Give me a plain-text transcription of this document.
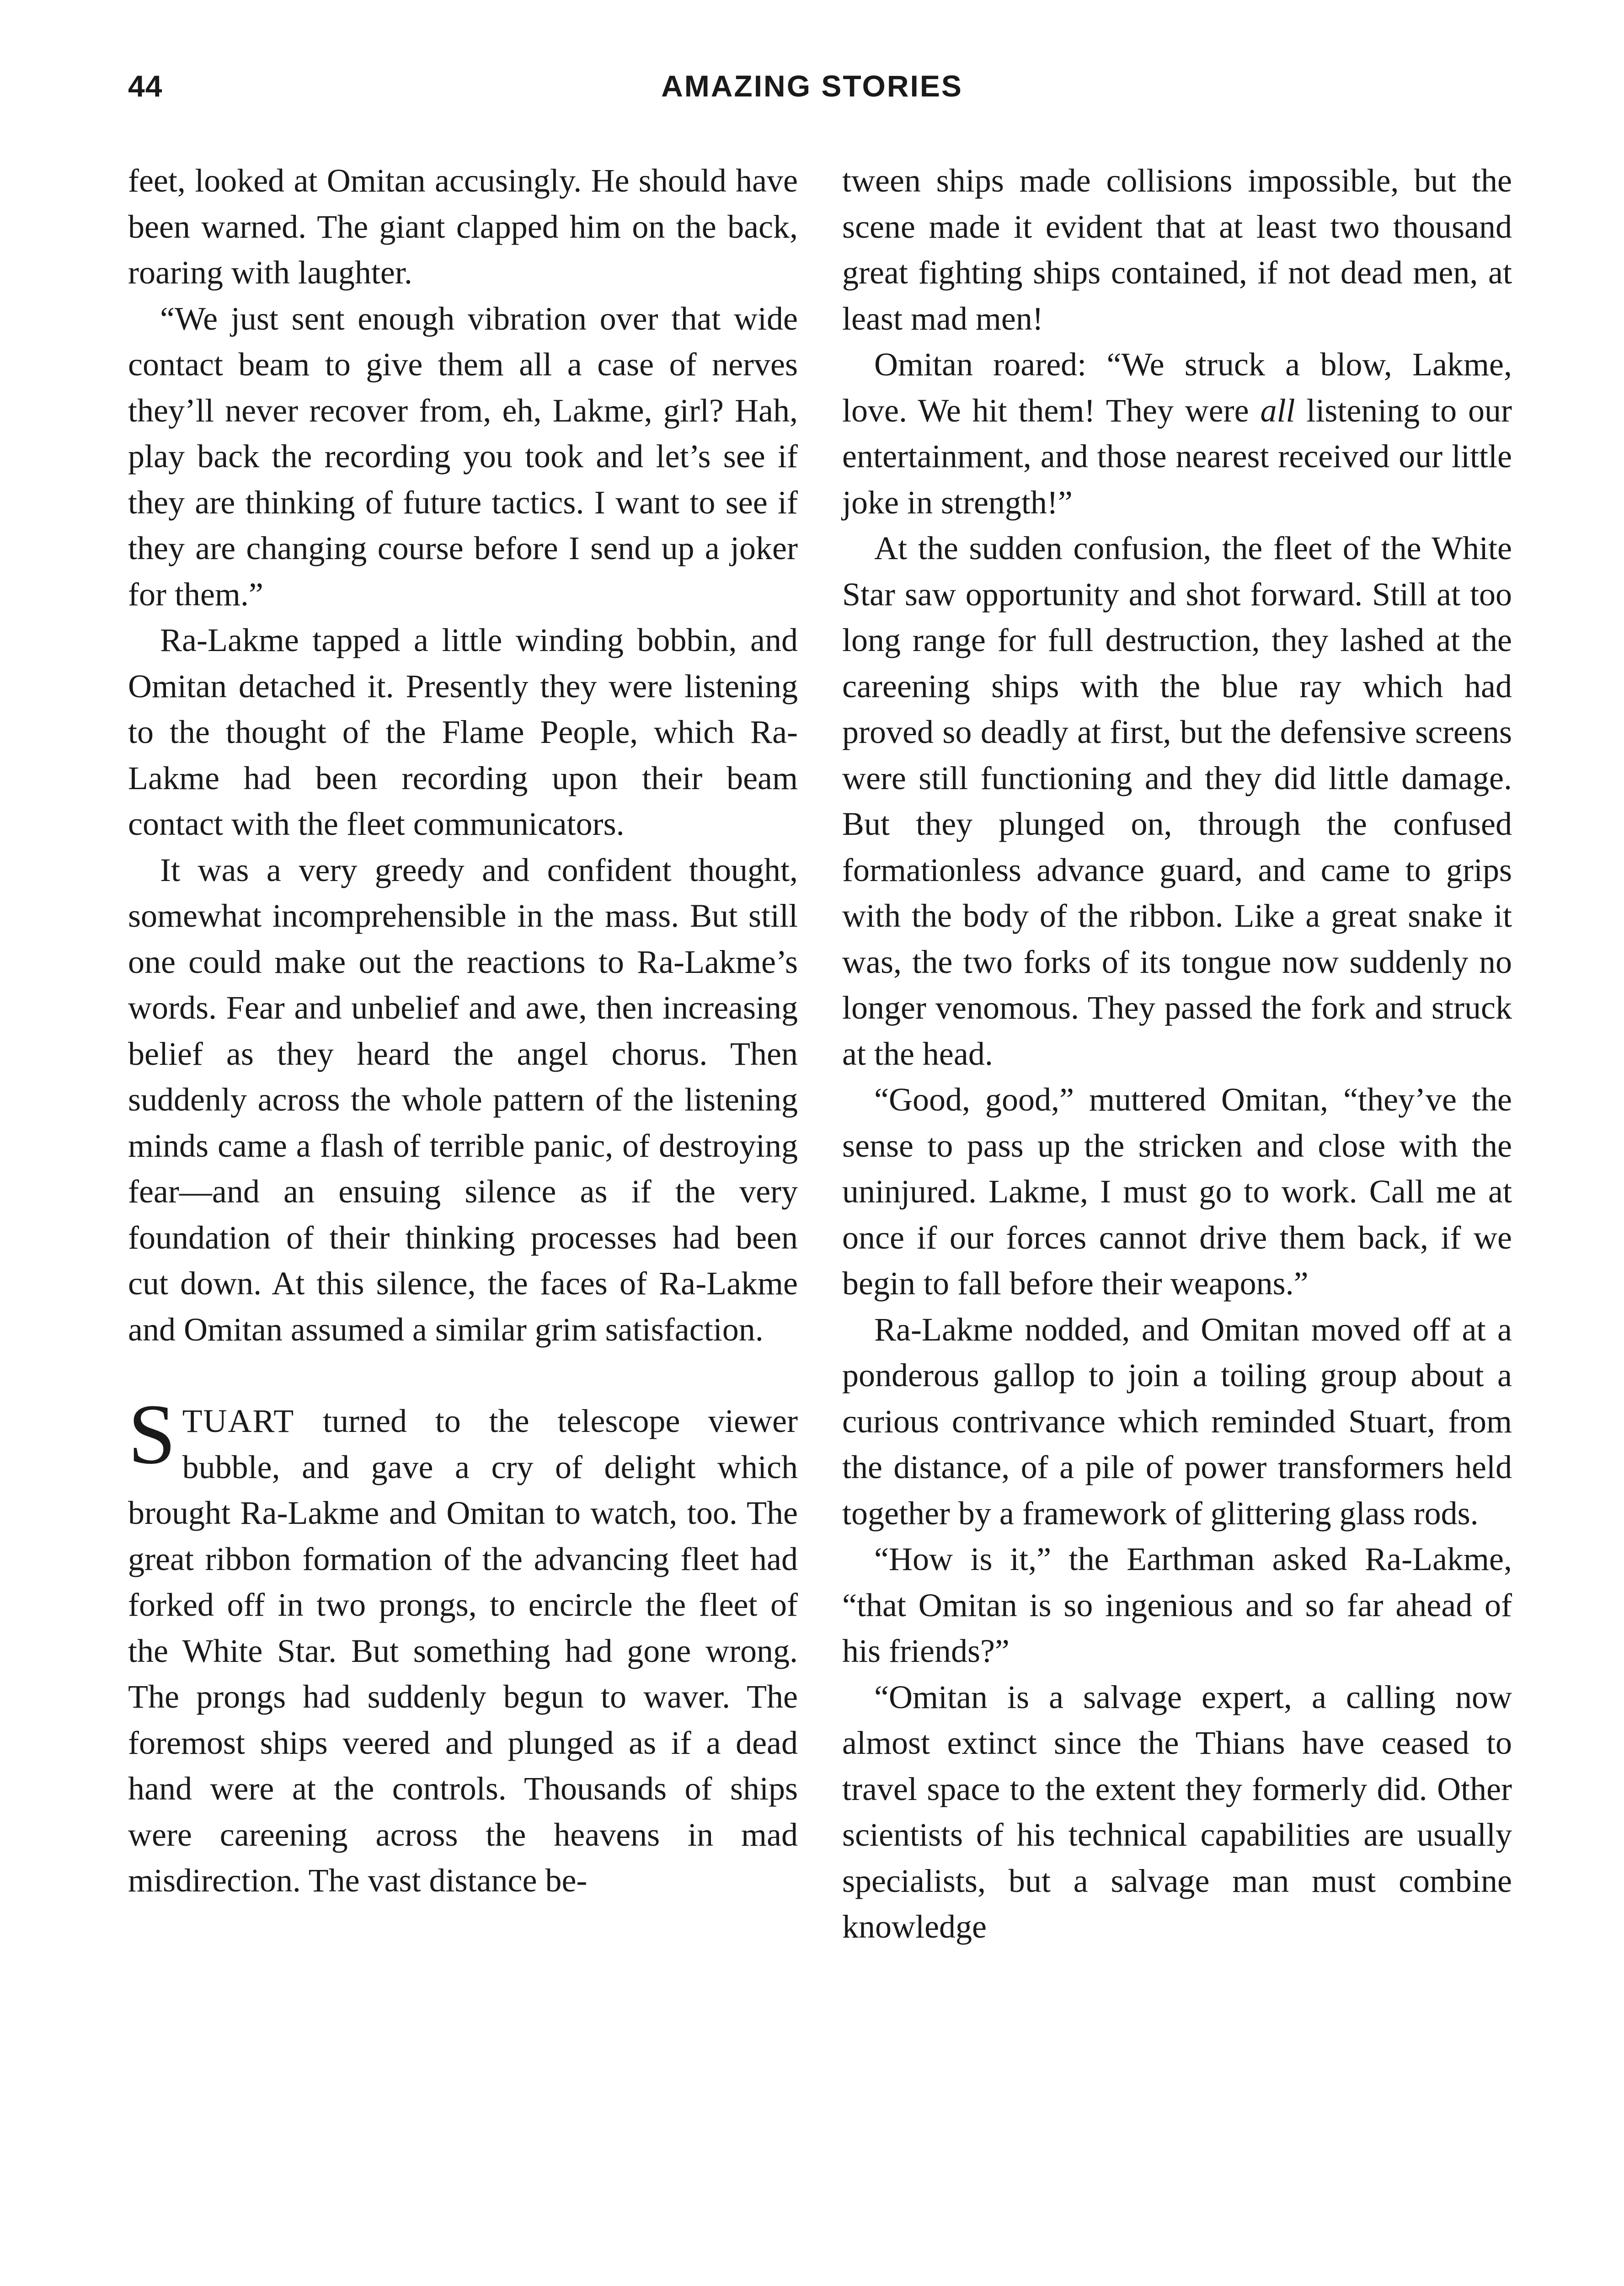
44	AMAZING STORIES

feet, looked at Omitan accusingly. He should have been warned. The giant clapped him on the back, roaring with laughter.

“We just sent enough vibration over that wide contact beam to give them all a case of nerves they’ll never recover from, eh, Lakme, girl? Hah, play back the recording you took and let’s see if they are thinking of future tactics. I want to see if they are changing course before I send up a joker for them.”

Ra-Lakme tapped a little winding bobbin, and Omitan detached it. Presently they were listening to the thought of the Flame People, which Ra-Lakme had been recording upon their beam contact with the fleet communicators.

It was a very greedy and confident thought, somewhat incomprehensible in the mass. But still one could make out the reactions to Ra-Lakme’s words. Fear and unbelief and awe, then increasing belief as they heard the angel chorus. Then suddenly across the whole pattern of the listening minds came a flash of terrible panic, of destroying fear—and an ensuing silence as if the very foundation of their thinking processes had been cut down. At this silence, the faces of Ra-Lakme and Omitan assumed a similar grim satisfaction.

STUART turned to the telescope viewer bubble, and gave a cry of delight which brought Ra-Lakme and Omitan to watch, too. The great ribbon formation of the advancing fleet had forked off in two prongs, to encircle the fleet of the White Star. But something had gone wrong. The prongs had suddenly begun to waver. The foremost ships veered and plunged as if a dead hand were at the controls. Thousands of ships were careening across the heavens in mad misdirection. The vast distance be-

tween ships made collisions impossible, but the scene made it evident that at least two thousand great fighting ships contained, if not dead men, at least mad men!

Omitan roared: “We struck a blow, Lakme, love. We hit them! They were all listening to our entertainment, and those nearest received our little joke in strength!”

At the sudden confusion, the fleet of the White Star saw opportunity and shot forward. Still at too long range for full destruction, they lashed at the careening ships with the blue ray which had proved so deadly at first, but the defensive screens were still functioning and they did little damage. But they plunged on, through the confused formationless advance guard, and came to grips with the body of the ribbon. Like a great snake it was, the two forks of its tongue now suddenly no longer venomous. They passed the fork and struck at the head.

“Good, good,” muttered Omitan, “they’ve the sense to pass up the stricken and close with the uninjured. Lakme, I must go to work. Call me at once if our forces cannot drive them back, if we begin to fall before their weapons.”

Ra-Lakme nodded, and Omitan moved off at a ponderous gallop to join a toiling group about a curious contrivance which reminded Stuart, from the distance, of a pile of power transformers held together by a framework of glittering glass rods.

“How is it,” the Earthman asked Ra-Lakme, “that Omitan is so ingenious and so far ahead of his friends?”

“Omitan is a salvage expert, a calling now almost extinct since the Thians have ceased to travel space to the extent they formerly did. Other scientists of his technical capabilities are usually specialists, but a salvage man must combine knowledge
